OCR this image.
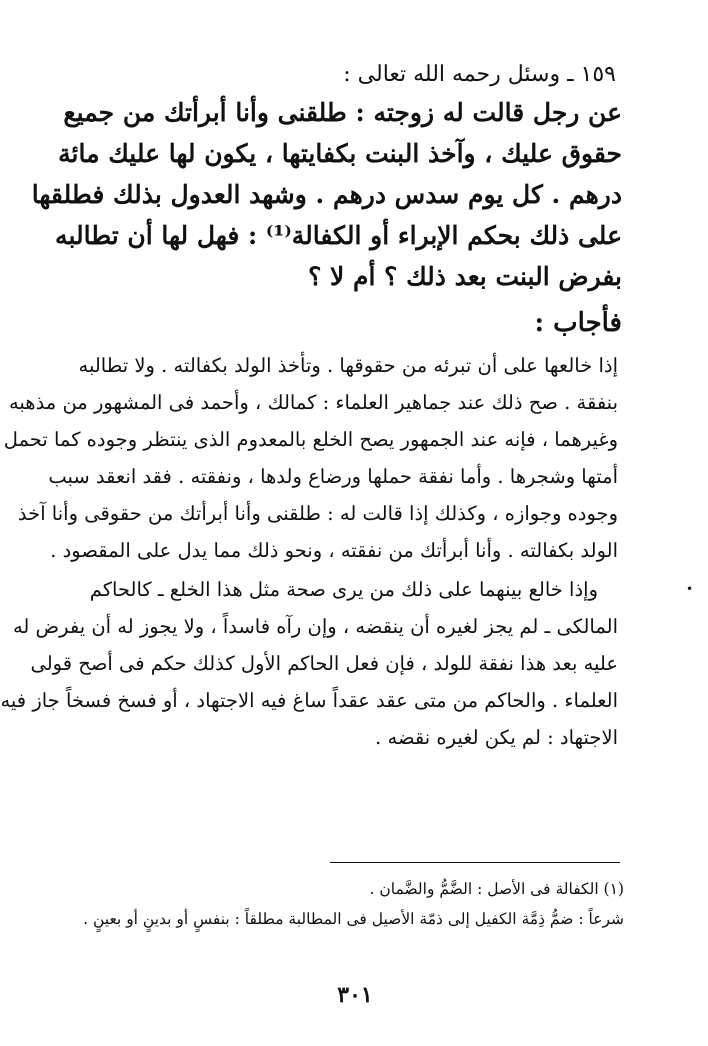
١٥٩ ـ وسئل رحمه الله تعالى :
عن رجل قالت له زوجته : طلقنى وأنا أبرأتك من جميع
حقوق عليك ، وآخذ البنت بكفايتها ، يكون لها عليك مائة
درهم . كل يوم سدس درهم . وشهد العدول بذلك فطلقها
على ذلك بحكم الإبراء أو الكفالة⁽¹⁾ : فهل لها أن تطالبه
بفرض البنت بعد ذلك ؟ أم لا ؟
فأجاب :
إذا خالعها على أن تبرئه من حقوقها . وتأخذ الولد بكفالته . ولا تطالبه
بنفقة . صح ذلك عند جماهير العلماء : كمالك ، وأحمد فى المشهور من مذهبه
وغيرهما ، فإنه عند الجمهور يصح الخلع بالمعدوم الذى ينتظر وجوده كما تحمل
أمتها وشجرها . وأما نفقة حملها ورضاع ولدها ، ونفقته . فقد انعقد سبب
وجوده وجوازه ، وكذلك إذا قالت له : طلقنى وأنا أبرأتك من حقوقى وأنا آخذ
الولد بكفالته . وأنا أبرأتك من نفقته ، ونحو ذلك مما يدل على المقصود .
•
وإذا خالع بينهما على ذلك من يرى صحة مثل هذا الخلع ـ كالحاكم
المالكى ـ لم يجز لغيره أن ينقضه ، وإن رآه فاسداً ، ولا يجوز له أن يفرض له
عليه بعد هذا نفقة للولد ، فإن فعل الحاكم الأول كذلك حكم فى أصح قولى
العلماء . والحاكم من متى عقد عقداً ساغ فيه الاجتهاد ، أو فسخ فسخاً جاز فيه
الاجتهاد : لم يكن لغيره نقضه .
(١) الكفالة فى الأصل : الضَّمُّ والضَّمان .
شرعاً : ضمُّ ذِمَّة الكفيل إلى ذمّة الأصيل فى المطالبة مطلقاً : بنفسٍ أو بدينٍ أو بعينٍ .
٣٠١
